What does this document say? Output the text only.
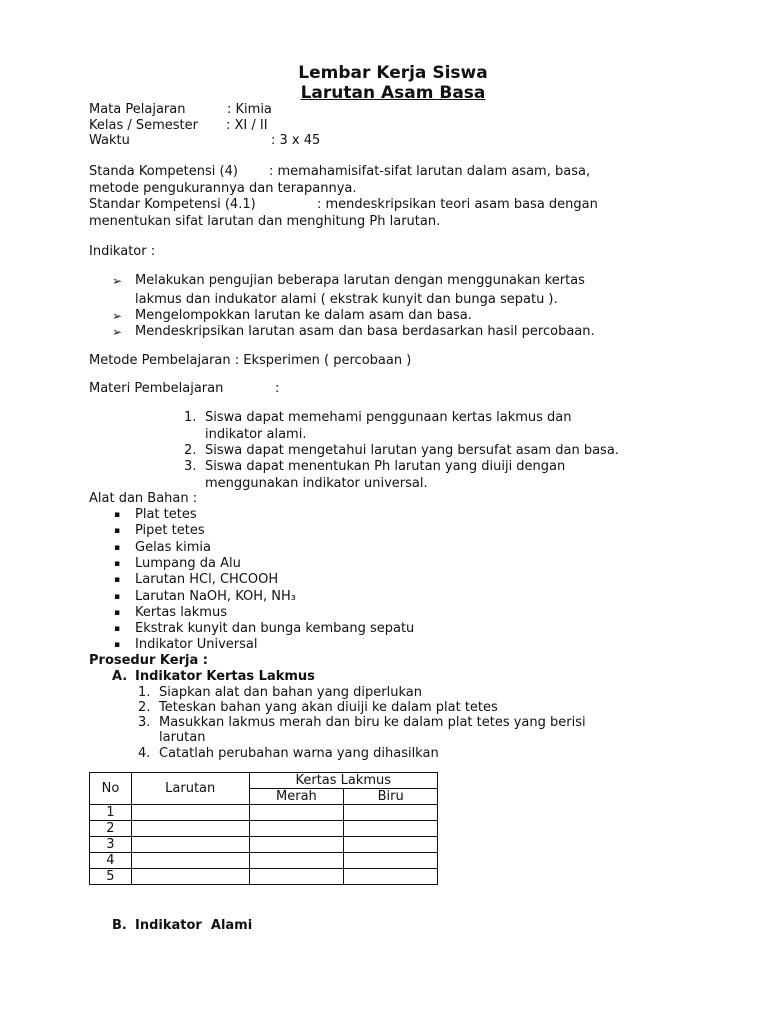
Lembar Kerja Siswa
Larutan Asam Basa
Mata Pelajaran	: Kimia
Kelas / Semester : XI / II
Waktu	: 3 x 45
Standa Kompetensi (4) : memahamisifat-sifat larutan dalam asam, basa,
metode pengukurannya dan terapannya.
Standar Kompetensi (4.1)	: mendeskripsikan teori asam basa dengan
menentukan sifat larutan dan menghitung Ph larutan.
Indikator :
➢ Melakukan pengujian beberapa larutan dengan menggunakan kertas
lakmus dan indukator alami ( ekstrak kunyit dan bunga sepatu ).
➢ Mengelompokkan larutan ke dalam asam dan basa.
➢ Mendeskripsikan larutan asam dan basa berdasarkan hasil percobaan.
Metode Pembelajaran : Eksperimen ( percobaan )
Materi Pembelajaran	:
1. Siswa dapat memehami penggunaan kertas lakmus dan
indikator alami.
2. Siswa dapat mengetahui larutan yang bersufat asam dan basa.
3. Siswa dapat menentukan Ph larutan yang diuiji dengan
menggunakan indikator universal.
Alat dan Bahan :
▪ Plat tetes
▪ Pipet tetes
▪ Gelas kimia
▪ Lumpang da Alu
▪ Larutan HCl, CHCOOH
▪ Larutan NaOH, KOH, NH₃
▪ Kertas lakmus
▪ Ekstrak kunyit dan bunga kembang sepatu
▪ Indikator Universal
Prosedur Kerja :
A. Indikator Kertas Lakmus
1. Siapkan alat dan bahan yang diperlukan
2. Teteskan bahan yang akan diuiji ke dalam plat tetes
3. Masukkan lakmus merah dan biru ke dalam plat tetes yang berisi
larutan
4. Catatlah perubahan warna yang dihasilkan
No	Larutan	Kertas Lakmus	
		Merah	Biru
1			
2			
3			
4			
5			
B. Indikator  Alami
